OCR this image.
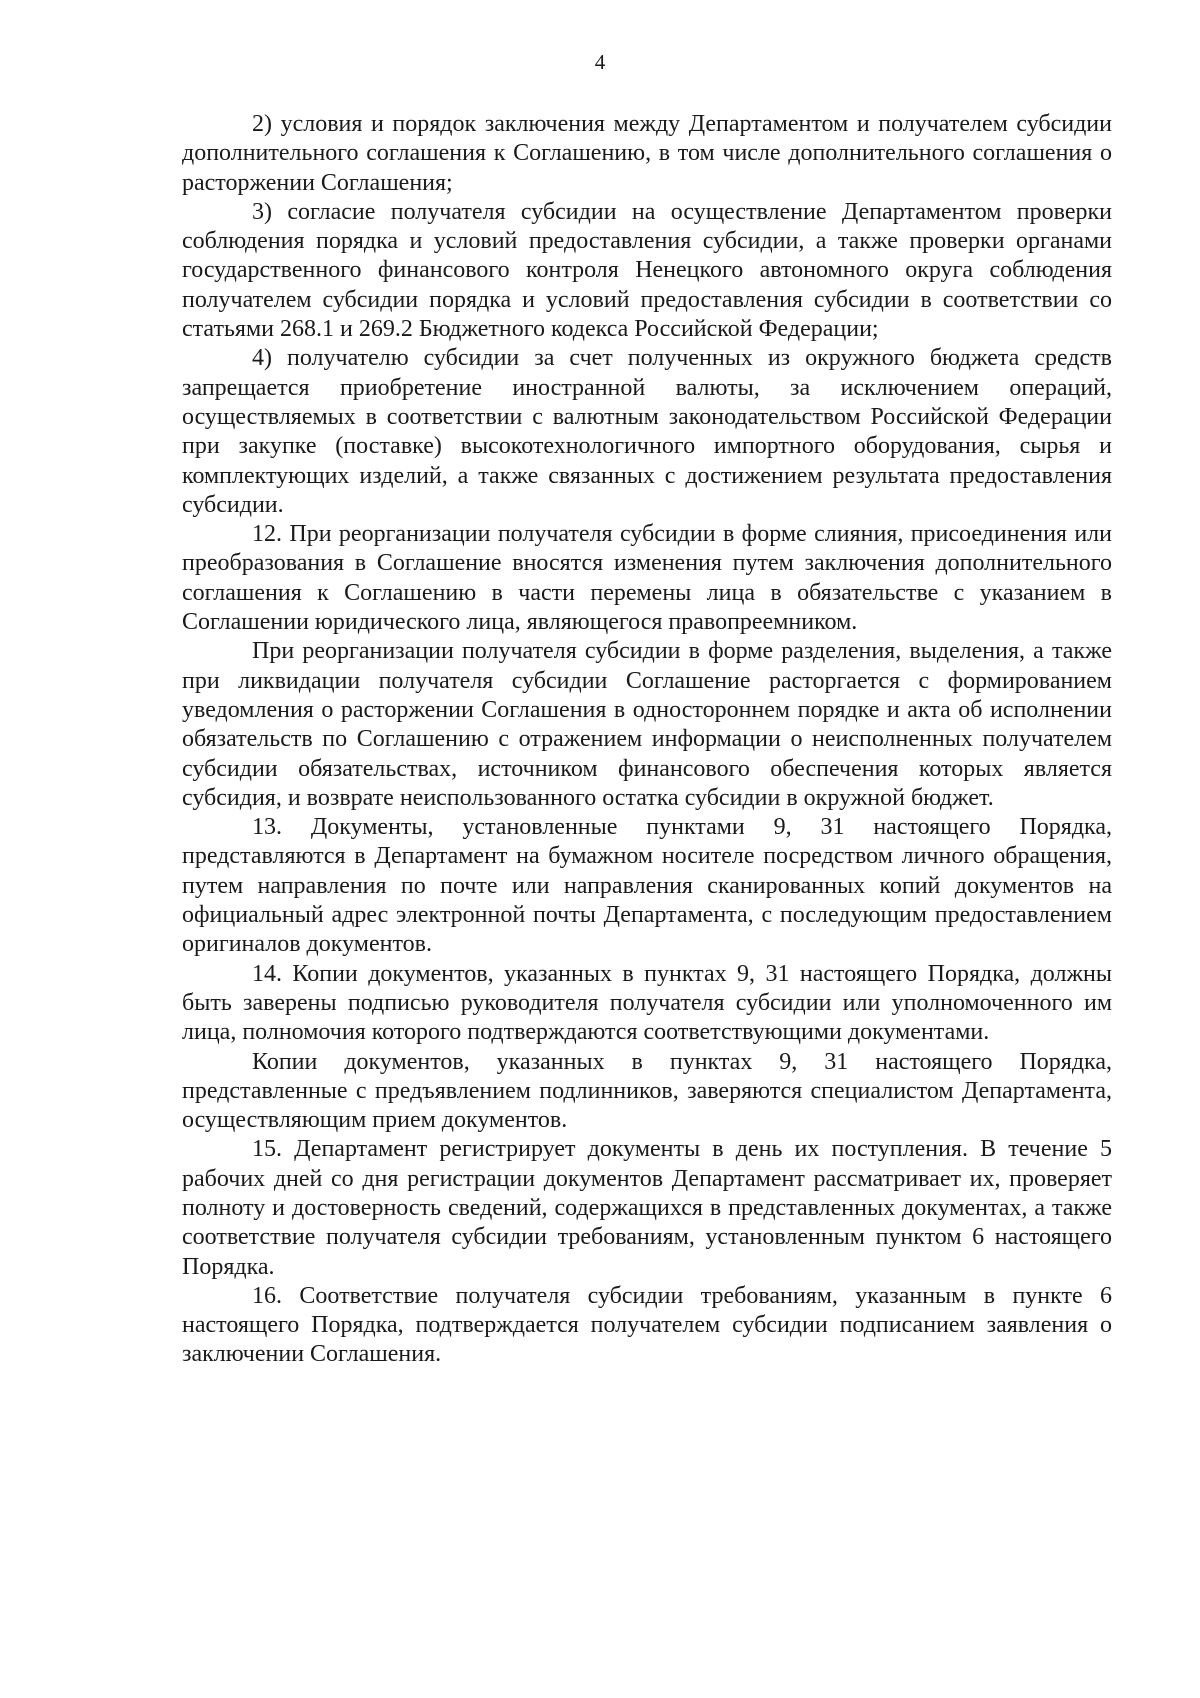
4

2) условия и порядок заключения между Департаментом и получателем субсидии дополнительного соглашения к Соглашению, в том числе дополнительного соглашения о расторжении Соглашения;

3) согласие получателя субсидии на осуществление Департаментом проверки соблюдения порядка и условий предоставления субсидии, а также проверки органами государственного финансового контроля Ненецкого автономного округа соблюдения получателем субсидии порядка и условий предоставления субсидии в соответствии со статьями 268.1 и 269.2 Бюджетного кодекса Российской Федерации;

4) получателю субсидии за счет полученных из окружного бюджета средств запрещается приобретение иностранной валюты, за исключением операций, осуществляемых в соответствии с валютным законодательством Российской Федерации при закупке (поставке) высокотехнологичного импортного оборудования, сырья и комплектующих изделий, а также связанных с достижением результата предоставления субсидии.

12. При реорганизации получателя субсидии в форме слияния, присоединения или преобразования в Соглашение вносятся изменения путем заключения дополнительного соглашения к Соглашению в части перемены лица в обязательстве с указанием в Соглашении юридического лица, являющегося правопреемником.

При реорганизации получателя субсидии в форме разделения, выделения, а также при ликвидации получателя субсидии Соглашение расторгается с формированием уведомления о расторжении Соглашения в одностороннем порядке и акта об исполнении обязательств по Соглашению с отражением информации о неисполненных получателем субсидии обязательствах, источником финансового обеспечения которых является субсидия, и возврате неиспользованного остатка субсидии в окружной бюджет.

13. Документы, установленные пунктами 9, 31 настоящего Порядка, представляются в Департамент на бумажном носителе посредством личного обращения, путем направления по почте или направления сканированных копий документов на официальный адрес электронной почты Департамента, с последующим предоставлением оригиналов документов.

14. Копии документов, указанных в пунктах 9, 31 настоящего Порядка, должны быть заверены подписью руководителя получателя субсидии или уполномоченного им лица, полномочия которого подтверждаются соответствующими документами.

Копии документов, указанных в пунктах 9, 31 настоящего Порядка, представленные с предъявлением подлинников, заверяются специалистом Департамента, осуществляющим прием документов.

15. Департамент регистрирует документы в день их поступления. В течение 5 рабочих дней со дня регистрации документов Департамент рассматривает их, проверяет полноту и достоверность сведений, содержащихся в представленных документах, а также соответствие получателя субсидии требованиям, установленным пунктом 6 настоящего Порядка.

16. Соответствие получателя субсидии требованиям, указанным в пункте 6 настоящего Порядка, подтверждается получателем субсидии подписанием заявления о заключении Соглашения.
